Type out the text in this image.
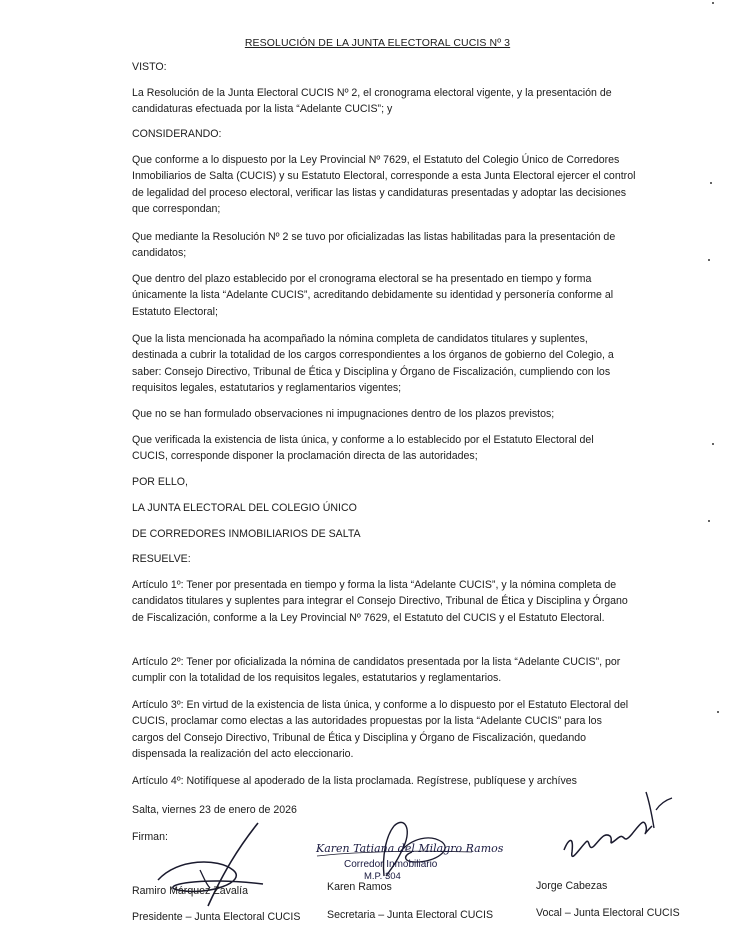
RESOLUCIÓN DE LA JUNTA ELECTORAL CUCIS Nº 3

VISTO:

La Resolución de la Junta Electoral CUCIS Nº 2, el cronograma electoral vigente, y la presentación de candidaturas efectuada por la lista “Adelante CUCIS”; y

CONSIDERANDO:

Que conforme a lo dispuesto por la Ley Provincial Nº 7629, el Estatuto del Colegio Único de Corredores Inmobiliarios de Salta (CUCIS) y su Estatuto Electoral, corresponde a esta Junta Electoral ejercer el control de legalidad del proceso electoral, verificar las listas y candidaturas presentadas y adoptar las decisiones que correspondan;

Que mediante la Resolución Nº 2 se tuvo por oficializadas las listas habilitadas para la presentación de candidatos;

Que dentro del plazo establecido por el cronograma electoral se ha presentado en tiempo y forma únicamente la lista “Adelante CUCIS”, acreditando debidamente su identidad y personería conforme al Estatuto Electoral;

Que la lista mencionada ha acompañado la nómina completa de candidatos titulares y suplentes, destinada a cubrir la totalidad de los cargos correspondientes a los órganos de gobierno del Colegio, a saber: Consejo Directivo, Tribunal de Ética y Disciplina y Órgano de Fiscalización, cumpliendo con los requisitos legales, estatutarios y reglamentarios vigentes;

Que no se han formulado observaciones ni impugnaciones dentro de los plazos previstos;

Que verificada la existencia de lista única, y conforme a lo establecido por el Estatuto Electoral del CUCIS, corresponde disponer la proclamación directa de las autoridades;

POR ELLO,

LA JUNTA ELECTORAL DEL COLEGIO ÚNICO

DE CORREDORES INMOBILIARIOS DE SALTA

RESUELVE:

Artículo 1º: Tener por presentada en tiempo y forma la lista “Adelante CUCIS”, y la nómina completa de candidatos titulares y suplentes para integrar el Consejo Directivo, Tribunal de Ética y Disciplina y Órgano de Fiscalización, conforme a la Ley Provincial Nº 7629, el Estatuto del CUCIS y el Estatuto Electoral.

Artículo 2º: Tener por oficializada la nómina de candidatos presentada por la lista “Adelante CUCIS”, por cumplir con la totalidad de los requisitos legales, estatutarios y reglamentarios.

Artículo 3º: En virtud de la existencia de lista única, y conforme a lo dispuesto por el Estatuto Electoral del CUCIS, proclamar como electas a las autoridades propuestas por la lista “Adelante CUCIS” para los cargos del Consejo Directivo, Tribunal de Ética y Disciplina y Órgano de Fiscalización, quedando dispensada la realización del acto eleccionario.

Artículo 4º: Notifíquese al apoderado de la lista proclamada. Regístrese, publíquese y archíves

Salta, viernes 23 de enero de 2026

Firman:

Ramiro Márquez Zavalía
Presidente – Junta Electoral CUCIS
Karen Tatiana del Milagro Ramos
Corredor Inmobiliario
M.P. 304
Karen Ramos
Secretaria – Junta Electoral CUCIS
Jorge Cabezas
Vocal – Junta Electoral CUCIS
